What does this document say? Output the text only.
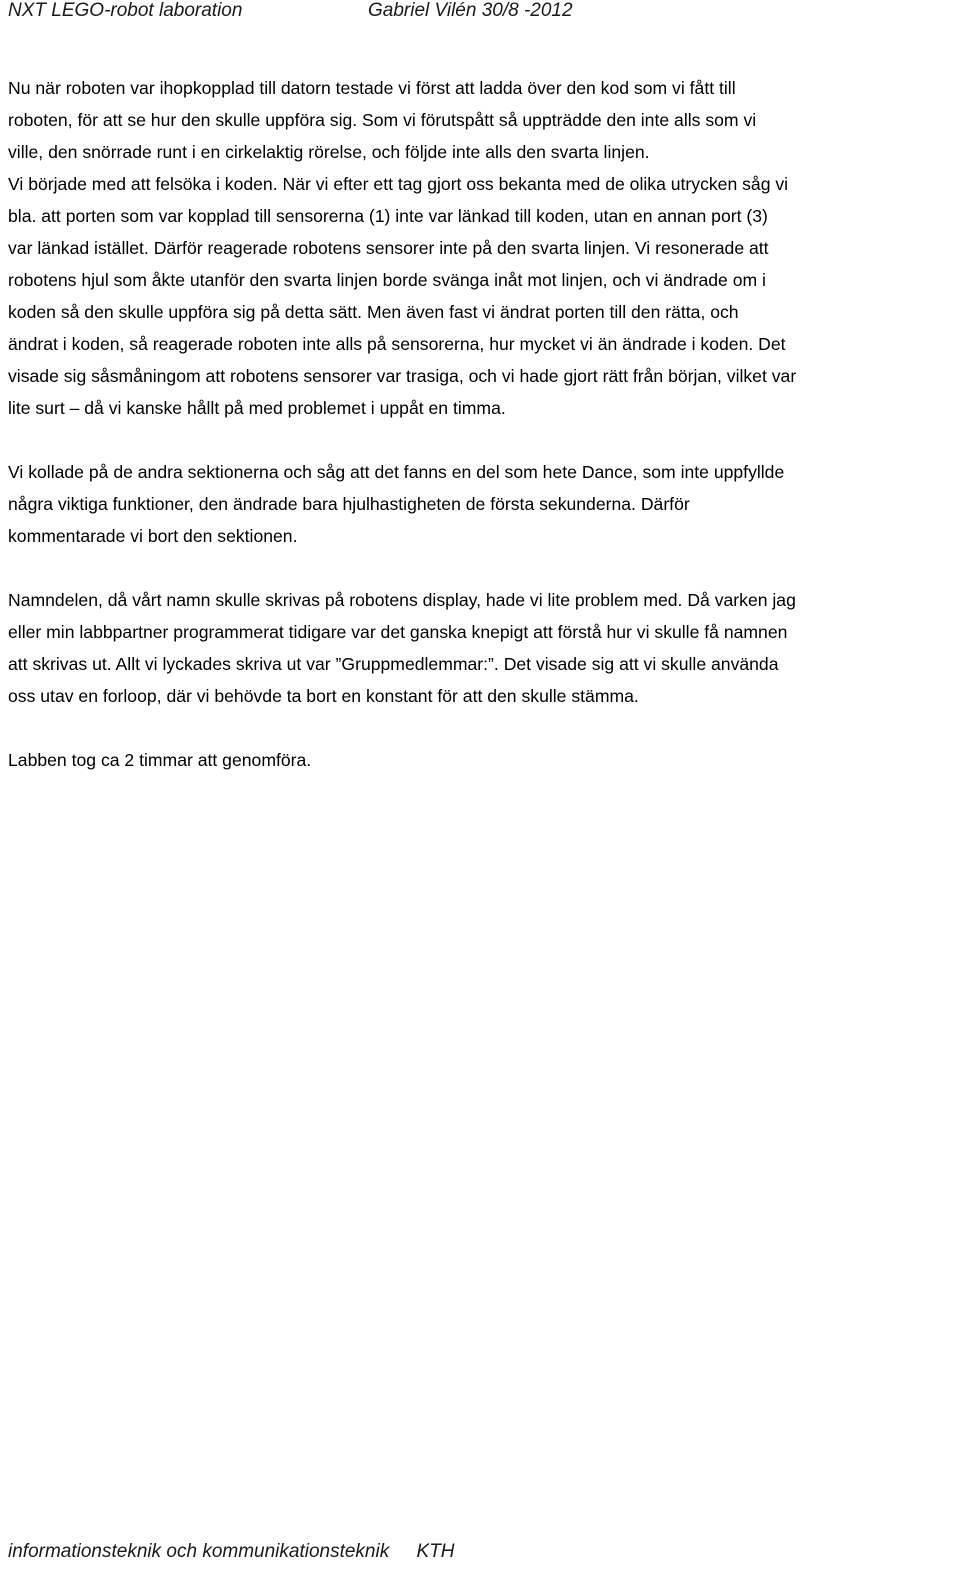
NXT LEGO-robot laboration	Gabriel Vilén 30/8 -2012

Nu när roboten var ihopkopplad till datorn testade vi först att ladda över den kod som vi fått till
roboten, för att se hur den skulle uppföra sig. Som vi förutspått så uppträdde den inte alls som vi
ville, den snörrade runt i en cirkelaktig rörelse, och följde inte alls den svarta linjen.
Vi började med att felsöka i koden. När vi efter ett tag gjort oss bekanta med de olika utrycken såg vi
bla. att porten som var kopplad till sensorerna (1) inte var länkad till koden, utan en annan port (3)
var länkad istället. Därför reagerade robotens sensorer inte på den svarta linjen. Vi resonerade att
robotens hjul som åkte utanför den svarta linjen borde svänga inåt mot linjen, och vi ändrade om i
koden så den skulle uppföra sig på detta sätt. Men även fast vi ändrat porten till den rätta, och
ändrat i koden, så reagerade roboten inte alls på sensorerna, hur mycket vi än ändrade i koden. Det
visade sig såsmåningom att robotens sensorer var trasiga, och vi hade gjort rätt från början, vilket var
lite surt – då vi kanske hållt på med problemet i uppåt en timma.

Vi kollade på de andra sektionerna och såg att det fanns en del som hete Dance, som inte uppfyllde
några viktiga funktioner, den ändrade bara hjulhastigheten de första sekunderna. Därför
kommentarade vi bort den sektionen.

Namndelen, då vårt namn skulle skrivas på robotens display, hade vi lite problem med. Då varken jag
eller min labbpartner programmerat tidigare var det ganska knepigt att förstå hur vi skulle få namnen
att skrivas ut. Allt vi lyckades skriva ut var ”Gruppmedlemmar:”. Det visade sig att vi skulle använda
oss utav en forloop, där vi behövde ta bort en konstant för att den skulle stämma.

Labben tog ca 2 timmar att genomföra.

informationsteknik och kommunikationsteknik KTH
